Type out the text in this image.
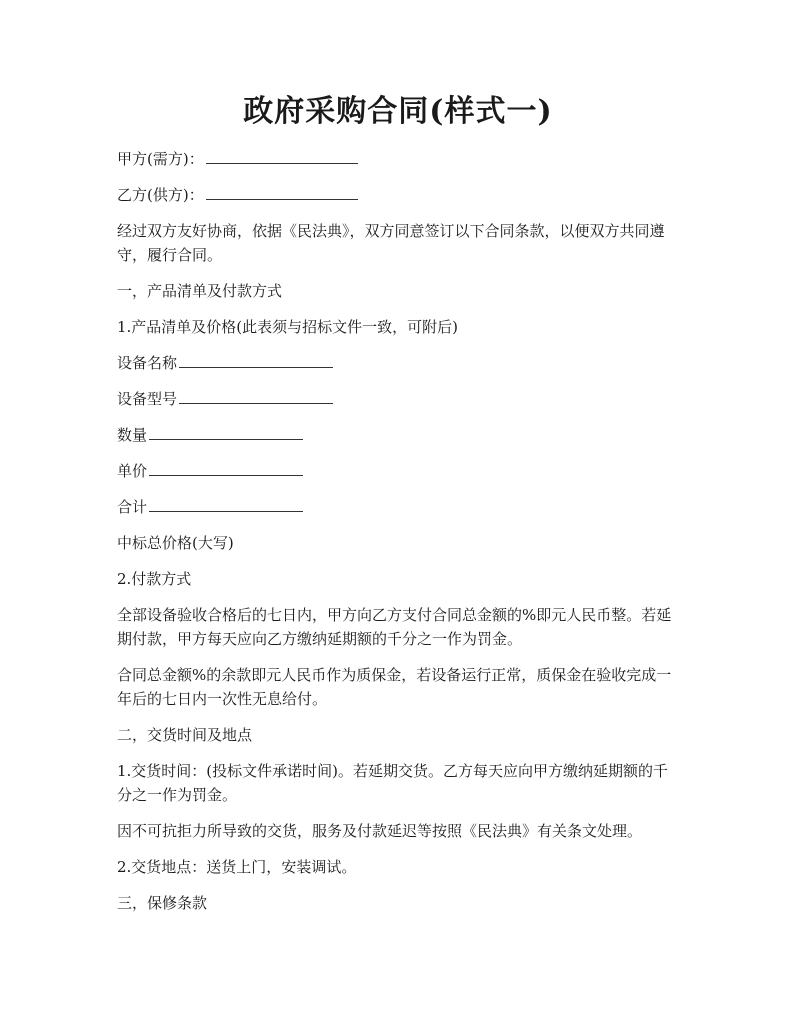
政府采购合同(样式一)
甲方(需方)：
乙方(供方)：
经过双方友好协商，依据《民法典》，双方同意签订以下合同条款，以便双方共同遵守，履行合同。
一，产品清单及付款方式
1.产品清单及价格(此表须与招标文件一致，可附后)
设备名称
设备型号
数量
单价
合计
中标总价格(大写)
2.付款方式
全部设备验收合格后的七日内，甲方向乙方支付合同总金额的%即元人民币整。若延期付款，甲方每天应向乙方缴纳延期额的千分之一作为罚金。
合同总金额%的余款即元人民币作为质保金，若设备运行正常，质保金在验收完成一年后的七日内一次性无息给付。
二，交货时间及地点
1.交货时间：(投标文件承诺时间)。若延期交货。乙方每天应向甲方缴纳延期额的千分之一作为罚金。
因不可抗拒力所导致的交货，服务及付款延迟等按照《民法典》有关条文处理。
2.交货地点：送货上门，安装调试。
三，保修条款
